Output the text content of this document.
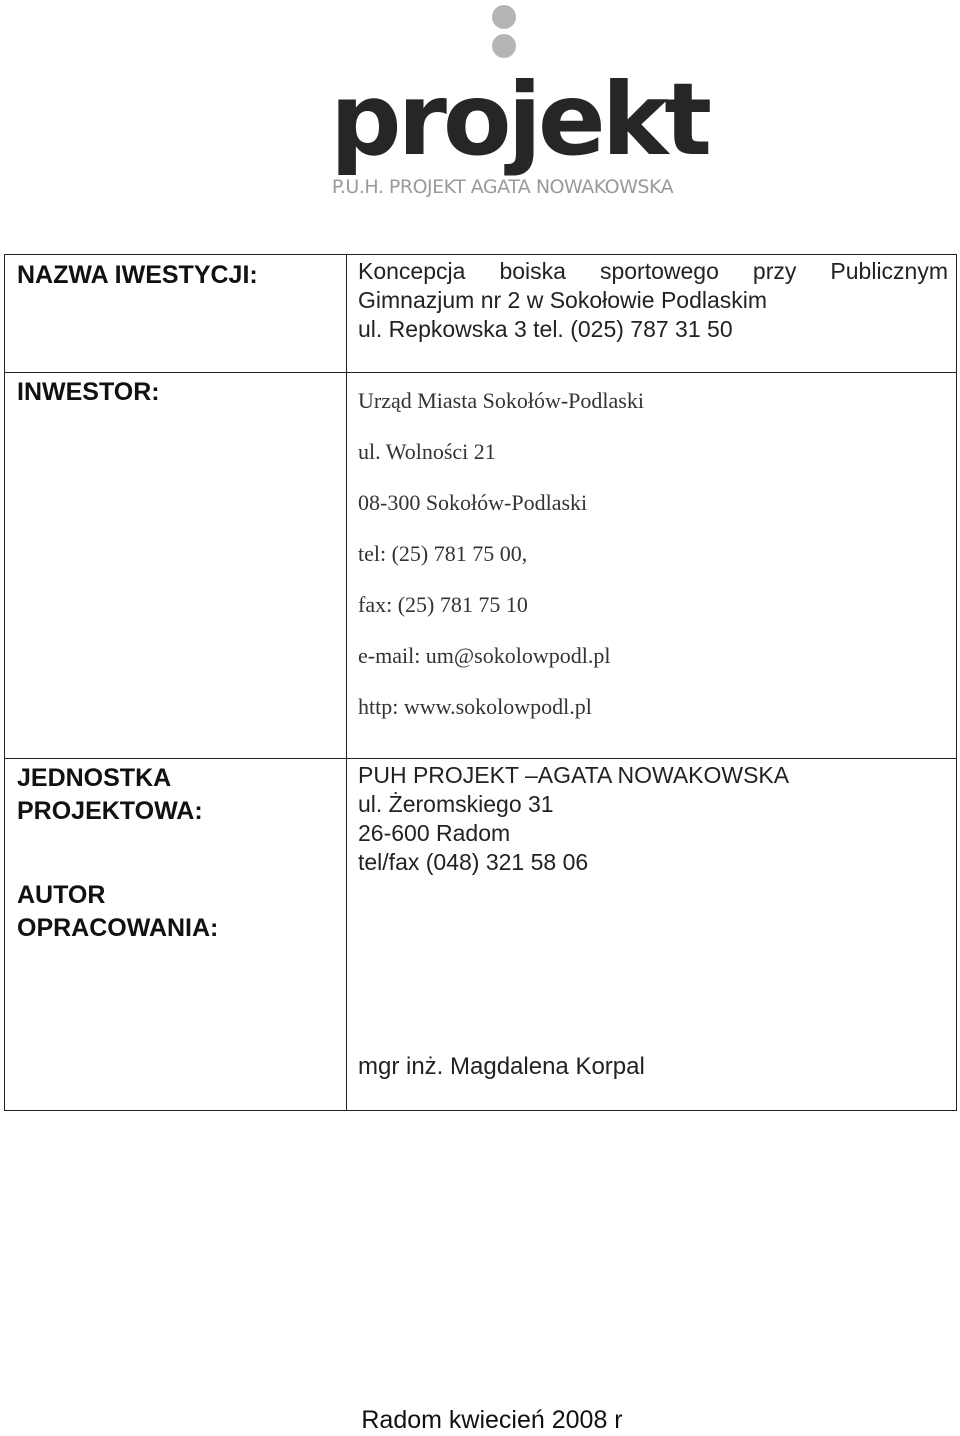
projekt
P.U.H. PROJEKT AGATA NOWAKOWSKA
NAZWA IWESTYCJI:	Koncepcja boiska sportowego przy Publicznym
Gimnazjum nr 2 w Sokołowie Podlaskim
ul. Repkowska 3 tel. (025) 787 31 50
INWESTOR:	Urząd Miasta Sokołów-Podlaski
ul. Wolności 21
08-300 Sokołów-Podlaski
tel: (25) 781 75 00,
fax: (25) 781 75 10
e-mail: um@sokolowpodl.pl
http: www.sokolowpodl.pl
JEDNOSTKA
PROJEKTOWA:
PUH PROJEKT –AGATA NOWAKOWSKA
ul. Żeromskiego 31
26-600 Radom
tel/fax (048) 321 58 06
AUTOR
OPRACOWANIA:
mgr inż. Magdalena Korpal
Radom kwiecień 2008 r
